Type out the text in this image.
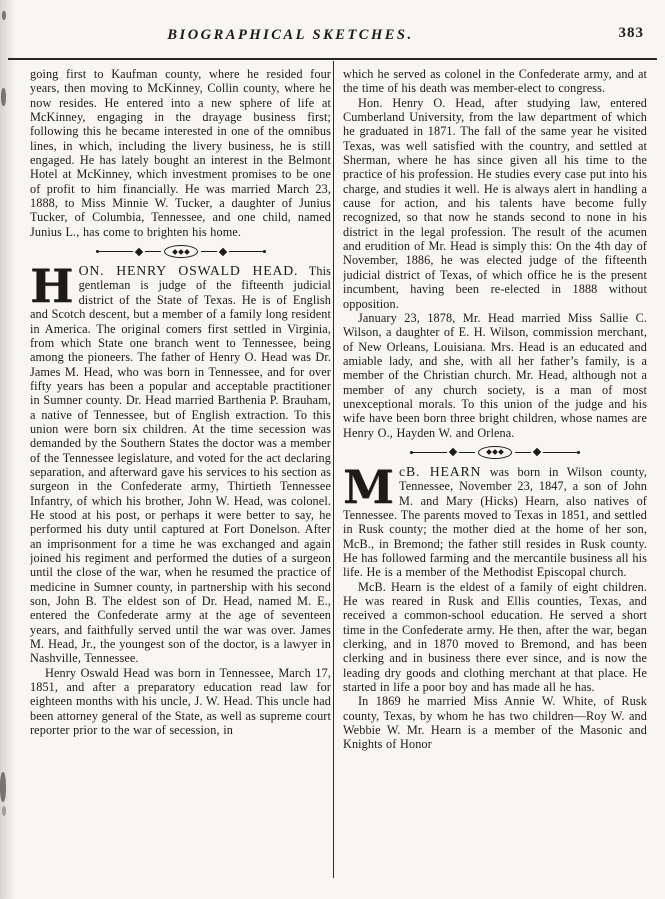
BIOGRAPHICAL SKETCHES.	383

going first to Kaufman county, where he resided four years, then moving to McKinney, Collin county, where he now resides. He entered into a new sphere of life at McKinney, engaging in the drayage business first; following this he became interested in one of the omnibus lines, in which, including the livery business, he is still engaged. He has lately bought an interest in the Belmont Hotel at McKinney, which investment promises to be one of profit to him financially. He was married March 23, 1888, to Miss Minnie W. Tucker, a daughter of Junius Tucker, of Columbia, Tennessee, and one child, named Junius L., has come to brighten his home.

HON. HENRY OSWALD HEAD. This gentleman is judge of the fifteenth judicial district of the State of Texas. He is of English and Scotch descent, but a member of a family long resident in America. The original comers first settled in Virginia, from which State one branch went to Tennessee, being among the pioneers. The father of Henry O. Head was Dr. James M. Head, who was born in Tennessee, and for over fifty years has been a popular and acceptable practitioner in Sumner county. Dr. Head married Barthenia P. Brauham, a native of Tennessee, but of English extraction. To this union were born six children. At the time secession was demanded by the Southern States the doctor was a member of the Tennessee legislature, and voted for the act declaring separation, and afterward gave his services to his section as surgeon in the Confederate army, Thirtieth Tennessee Infantry, of which his brother, John W. Head, was colonel. He stood at his post, or perhaps it were better to say, he performed his duty until captured at Fort Donelson. After an imprisonment for a time he was exchanged and again joined his regiment and performed the duties of a surgeon until the close of the war, when he resumed the practice of medicine in Sumner county, in partnership with his second son, John B. The eldest son of Dr. Head, named M. E., entered the Confederate army at the age of seventeen years, and faithfully served until the war was over. James M. Head, Jr., the youngest son of the doctor, is a lawyer in Nashville, Tennessee.

Henry Oswald Head was born in Tennessee, March 17, 1851, and after a preparatory education read law for eighteen months with his uncle, J. W. Head. This uncle had been attorney general of the State, as well as supreme court reporter prior to the war of secession, in

which he served as colonel in the Confederate army, and at the time of his death was member-elect to congress.

Hon. Henry O. Head, after studying law, entered Cumberland University, from the law department of which he graduated in 1871. The fall of the same year he visited Texas, was well satisfied with the country, and settled at Sherman, where he has since given all his time to the practice of his profession. He studies every case put into his charge, and studies it well. He is always alert in handling a cause for action, and his talents have become fully recognized, so that now he stands second to none in his district in the legal profession. The result of the acumen and erudition of Mr. Head is simply this: On the 4th day of November, 1886, he was elected judge of the fifteenth judicial district of Texas, of which office he is the present incumbent, having been re-elected in 1888 without opposition.

January 23, 1878, Mr. Head married Miss Sallie C. Wilson, a daughter of E. H. Wilson, commission merchant, of New Orleans, Louisiana. Mrs. Head is an educated and amiable lady, and she, with all her father’s family, is a member of the Christian church. Mr. Head, although not a member of any church society, is a man of most unexceptional morals. To this union of the judge and his wife have been born three bright children, whose names are Henry O., Hayden W. and Orlena.

McB. HEARN was born in Wilson county, Tennessee, November 23, 1847, a son of John M. and Mary (Hicks) Hearn, also natives of Tennessee. The parents moved to Texas in 1851, and settled in Rusk county; the mother died at the home of her son, McB., in Bremond; the father still resides in Rusk county. He has followed farming and the mercantile business all his life. He is a member of the Methodist Episcopal church.

McB. Hearn is the eldest of a family of eight children. He was reared in Rusk and Ellis counties, Texas, and received a common-school education. He served a short time in the Confederate army. He then, after the war, began clerking, and in 1870 moved to Bremond, and has been clerking and in business there ever since, and is now the leading dry goods and clothing merchant at that place. He started in life a poor boy and has made all he has.

In 1869 he married Miss Annie W. White, of Rusk county, Texas, by whom he has two children—Roy W. and Webbie W. Mr. Hearn is a member of the Masonic and Knights of Honor
